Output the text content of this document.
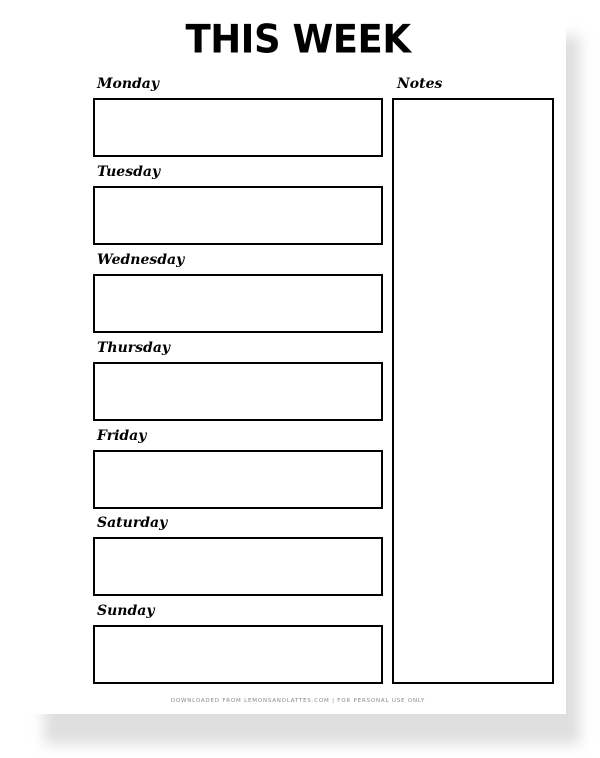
THIS WEEK
Monday
Tuesday
Wednesday
Thursday
Friday
Saturday
Sunday
Notes
DOWNLOADED FROM LEMONSANDLATTES.COM | FOR PERSONAL USE ONLY
